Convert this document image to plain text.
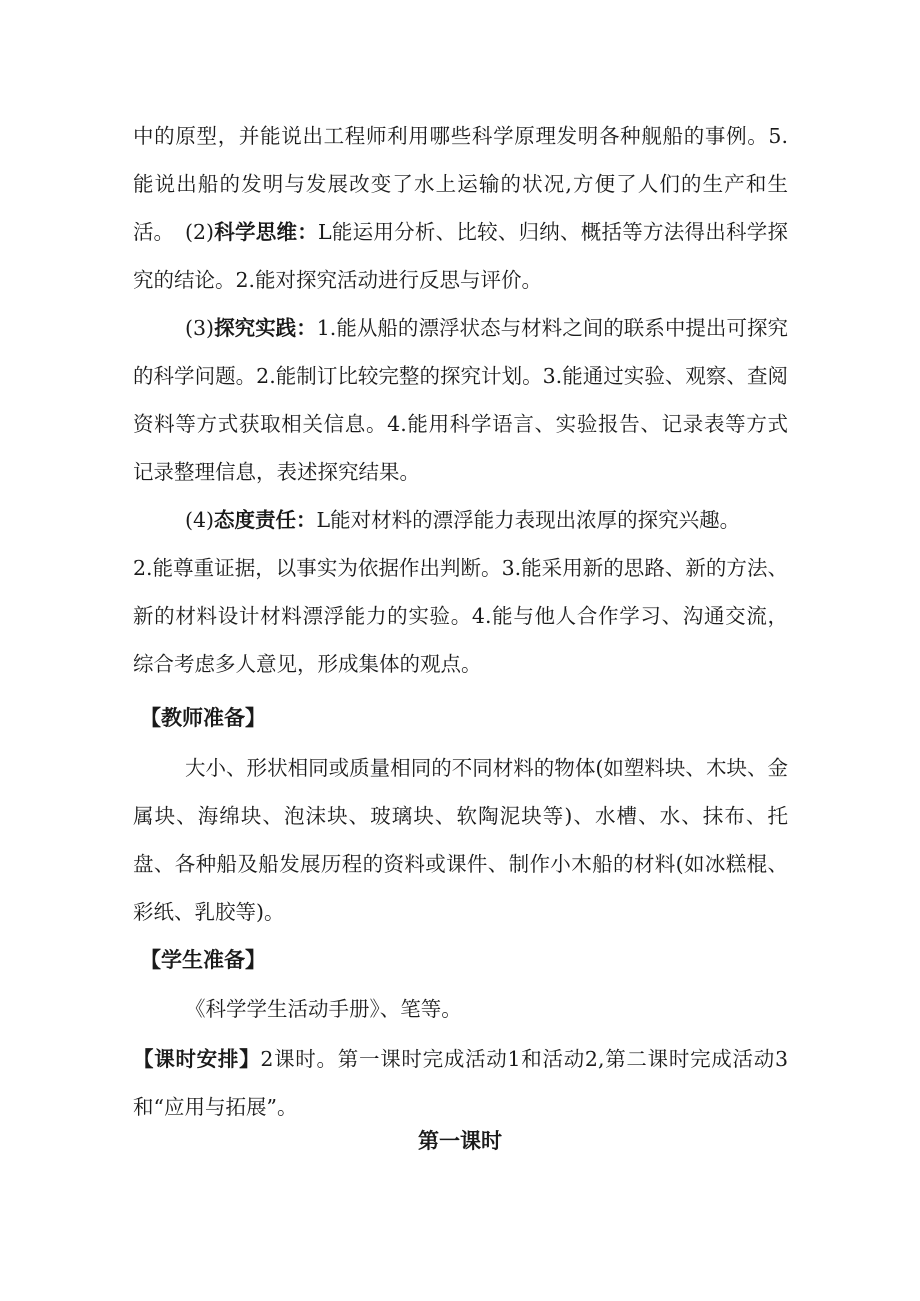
中的原型，并能说出工程师利用哪些科学原理发明各种舰船的事例。5.能说出船的发明与发展改变了水上运输的状况,方便了人们的生产和生活。 (2)科学思维：L能运用分析、比较、归纳、概括等方法得出科学探究的结论。2.能对探究活动进行反思与评价。

(3)探究实践：1.能从船的漂浮状态与材料之间的联系中提出可探究的科学问题。2.能制订比较完整的探究计划。3.能通过实验、观察、查阅资料等方式获取相关信息。4.能用科学语言、实验报告、记录表等方式记录整理信息，表述探究结果。

(4)态度责任：L能对材料的漂浮能力表现出浓厚的探究兴趣。
2.能尊重证据，以事实为依据作出判断。3.能采用新的思路、新的方法、新的材料设计材料漂浮能力的实验。4.能与他人合作学习、沟通交流，综合考虑多人意见，形成集体的观点。

【教师准备】

大小、形状相同或质量相同的不同材料的物体(如塑料块、木块、金属块、海绵块、泡沫块、玻璃块、软陶泥块等)、水槽、水、抹布、托盘、各种船及船发展历程的资料或课件、制作小木船的材料(如冰糕棍、彩纸、乳胶等)。

【学生准备】

《科学学生活动手册》、笔等。

【课时安排】2课时。第一课时完成活动1和活动2,第二课时完成活动3和“应用与拓展”。

第一课时
